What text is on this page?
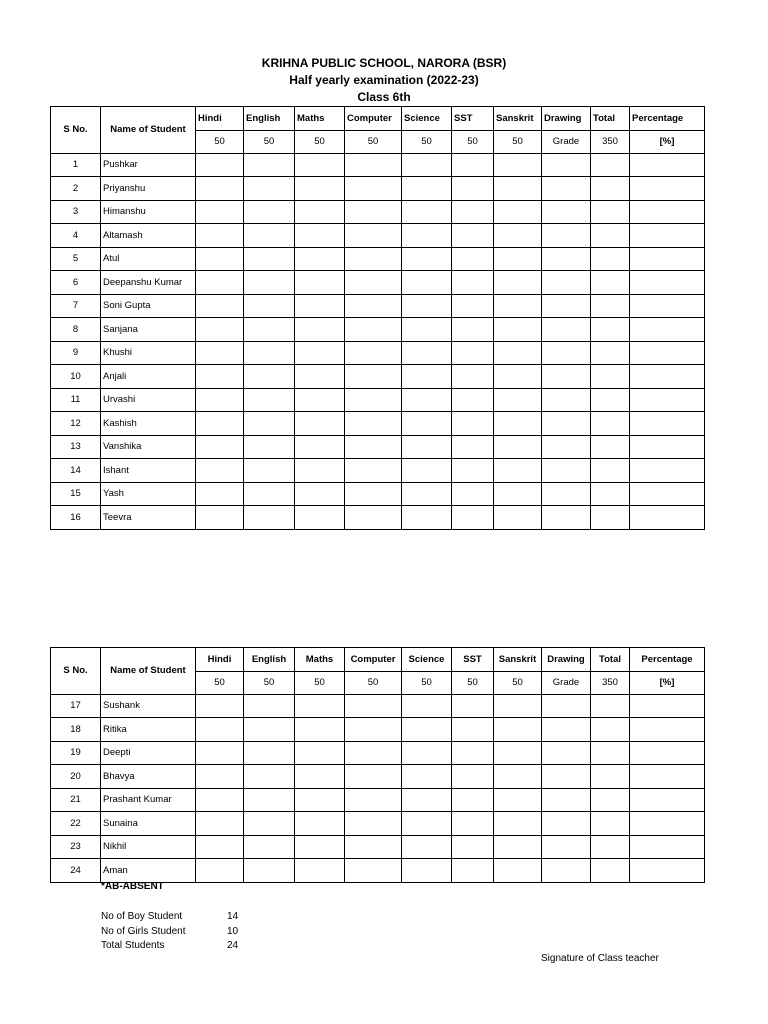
KRIHNA PUBLIC SCHOOL, NARORA (BSR)
Half yearly examination (2022-23)
Class 6th
S No.	Name of Student	Hindi	English	Maths	Computer	Science	SST	Sanskrit	Drawing	Total	Percentage
		50	50	50	50	50	50	50	Grade	350	[%]
1	Pushkar										
2	Priyanshu										
3	Himanshu										
4	Altamash										
5	Atul										
6	Deepanshu Kumar										
7	Soni Gupta										
8	Sanjana										
9	Khushi										
10	Anjali										
11	Urvashi										
12	Kashish										
13	Vanshika										
14	Ishant										
15	Yash										
16	Teevra										
S No.	Name of Student	Hindi	English	Maths	Computer	Science	SST	Sanskrit	Drawing	Total	Percentage
		50	50	50	50	50	50	50	Grade	350	[%]
17	Sushank										
18	Ritika										
19	Deepti										
20	Bhavya										
21	Prashant Kumar										
22	Sunaina										
23	Nikhil										
24	Aman										
*AB-ABSENT
No of Boy Student	14
No of Girls Student	10
Total Students	24
Signature of Class teacher
